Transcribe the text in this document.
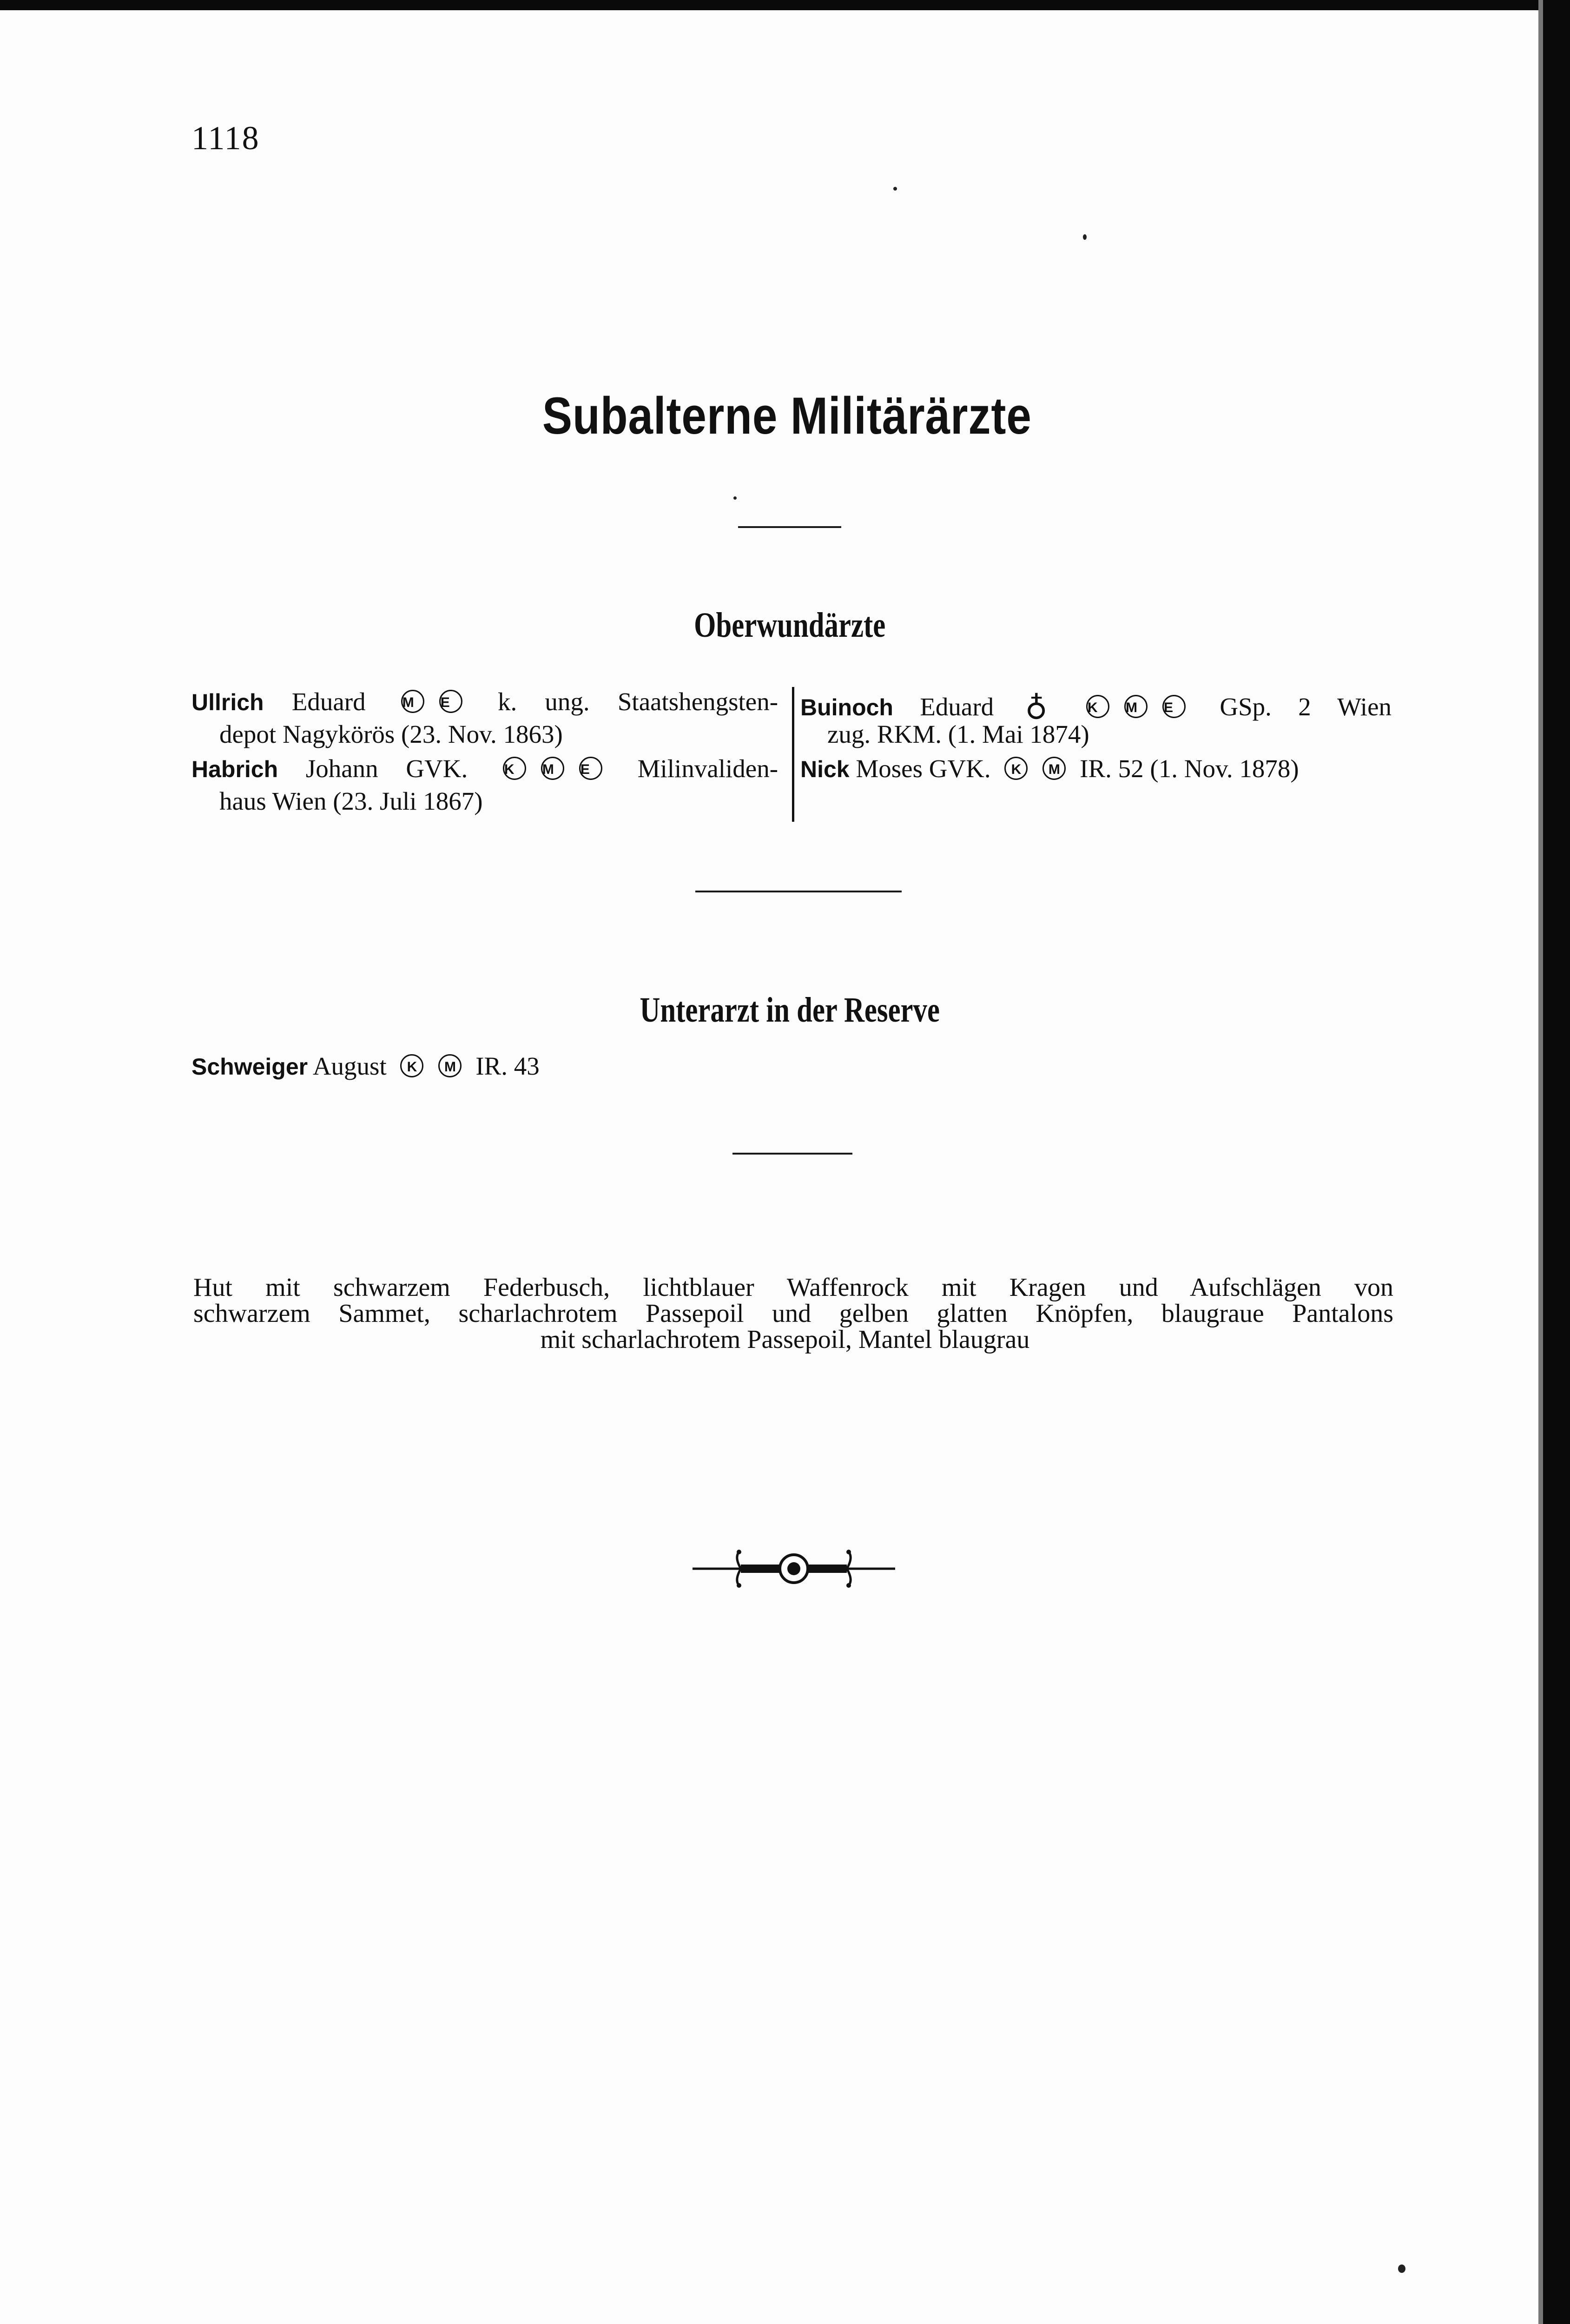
1118
Subalterne Militärärzte
Oberwundärzte
Ullrich Eduard	M E k. ung. Staatshengsten-
depot Nagykörös (23. Nov. 1863)
Habrich Johann GVK.	K M E Milinvaliden-
haus Wien (23. Juli 1867)
Buinoch Eduard ♁	K M E GSp. 2 Wien
zug. RKM. (1. Mai 1874)
Nick Moses GVK. K M IR. 52 (1. Nov. 1878)
Unterarzt in der Reserve
Schweiger August K M IR. 43
Hut mit schwarzem Federbusch, lichtblauer Waffenrock mit Kragen und Aufschlägen von
schwarzem Sammet, scharlachrotem Passepoil und gelben glatten Knöpfen, blaugraue Pantalons
mit scharlachrotem Passepoil, Mantel blaugrau
